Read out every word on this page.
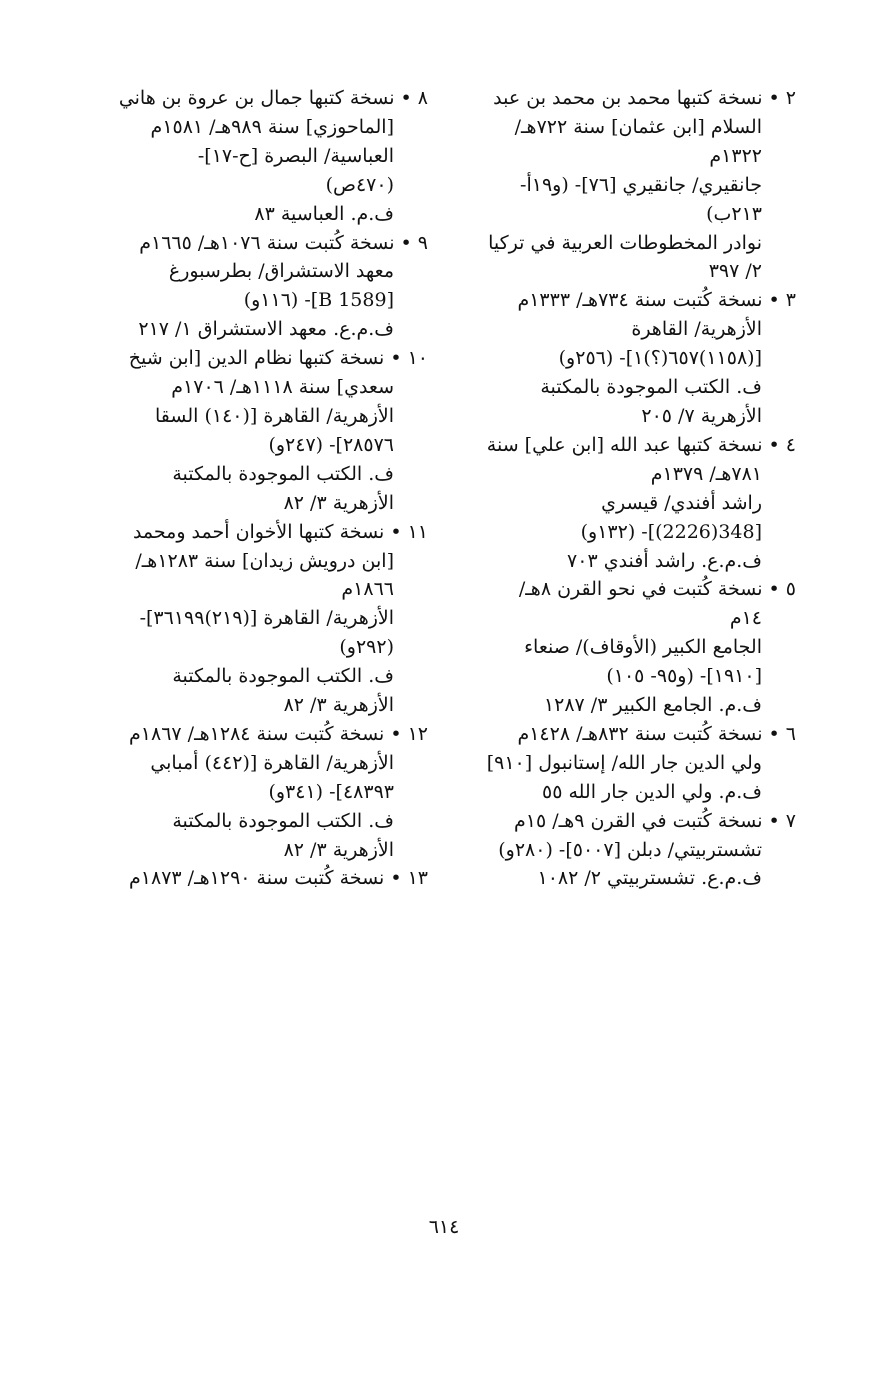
٢ •نسخة كتبها محمد بن محمد بن عبد
السلام [ابن عثمان] سنة ٧٢٢هـ/
١٣٢٢م
جانقيري/ جانقيري [٧٦]- (و١٩أ-
٢١٣ب)
نوادر المخطوطات العربية في تركيا
٢/ ٣٩٧
٣ •نسخة كُتبت سنة ٧٣٤هـ/ ١٣٣٣م
الأزهرية/ القاهرة
[(١١٥٨)٦٥٧(؟)١]- (٢٥٦و)
ف. الكتب الموجودة بالمكتبة
الأزهرية ٧/ ٢٠٥
٤ •نسخة كتبها عبد الله [ابن علي] سنة
٧٨١هـ/ ١٣٧٩م
راشد أفندي/ قيسري
[348(2226)]- (١٣٢و)
ف.م.ع. راشد أفندي ٧٠٣
٥ •نسخة كُتبت في نحو القرن ٨هـ/
١٤م
الجامع الكبير (الأوقاف)/ صنعاء
[١٩١٠]- (و٩٥- ١٠٥)
ف.م. الجامع الكبير ٣/ ١٢٨٧
٦ •نسخة كُتبت سنة ٨٣٢هـ/ ١٤٢٨م
ولي الدين جار الله/ إستانبول [٩١٠]
ف.م. ولي الدين جار الله ٥٥
٧ •نسخة كُتبت في القرن ٩هـ/ ١٥م
تشستربيتي/ دبلن [٥٠٠٧]- (٢٨٠و)
ف.م.ع. تشستربيتي ٢/ ١٠٨٢
٨ •نسخة كتبها جمال بن عروة بن هاني
[الماحوزي] سنة ٩٨٩هـ/ ١٥٨١م
العباسية/ البصرة [ح-١٧]-
(٤٧٠ص)
ف.م. العباسية ٨٣
٩ •نسخة كُتبت سنة ١٠٧٦هـ/ ١٦٦٥م
معهد الاستشراق/ بطرسبورغ
[B 1589]- (١١٦و)
ف.م.ع. معهد الاستشراق ١/ ٢١٧
١٠ •نسخة كتبها نظام الدين [ابن شيخ
سعدي] سنة ١١١٨هـ/ ١٧٠٦م
الأزهرية/ القاهرة [(١٤٠) السقا
٢٨٥٧٦]- (٢٤٧و)
ف. الكتب الموجودة بالمكتبة
الأزهرية ٣/ ٨٢
١١ •نسخة كتبها الأخوان أحمد ومحمد
[ابن درويش زيدان] سنة ١٢٨٣هـ/
١٨٦٦م
الأزهرية/ القاهرة [(٢١٩)٣٦١٩٩]-
(٢٩٢و)
ف. الكتب الموجودة بالمكتبة
الأزهرية ٣/ ٨٢
١٢ •نسخة كُتبت سنة ١٢٨٤هـ/ ١٨٦٧م
الأزهرية/ القاهرة [(٤٤٢) أمبابي
٤٨٣٩٣]- (٣٤١و)
ف. الكتب الموجودة بالمكتبة
الأزهرية ٣/ ٨٢
١٣ •نسخة كُتبت سنة ١٢٩٠هـ/ ١٨٧٣م
٦١٤
